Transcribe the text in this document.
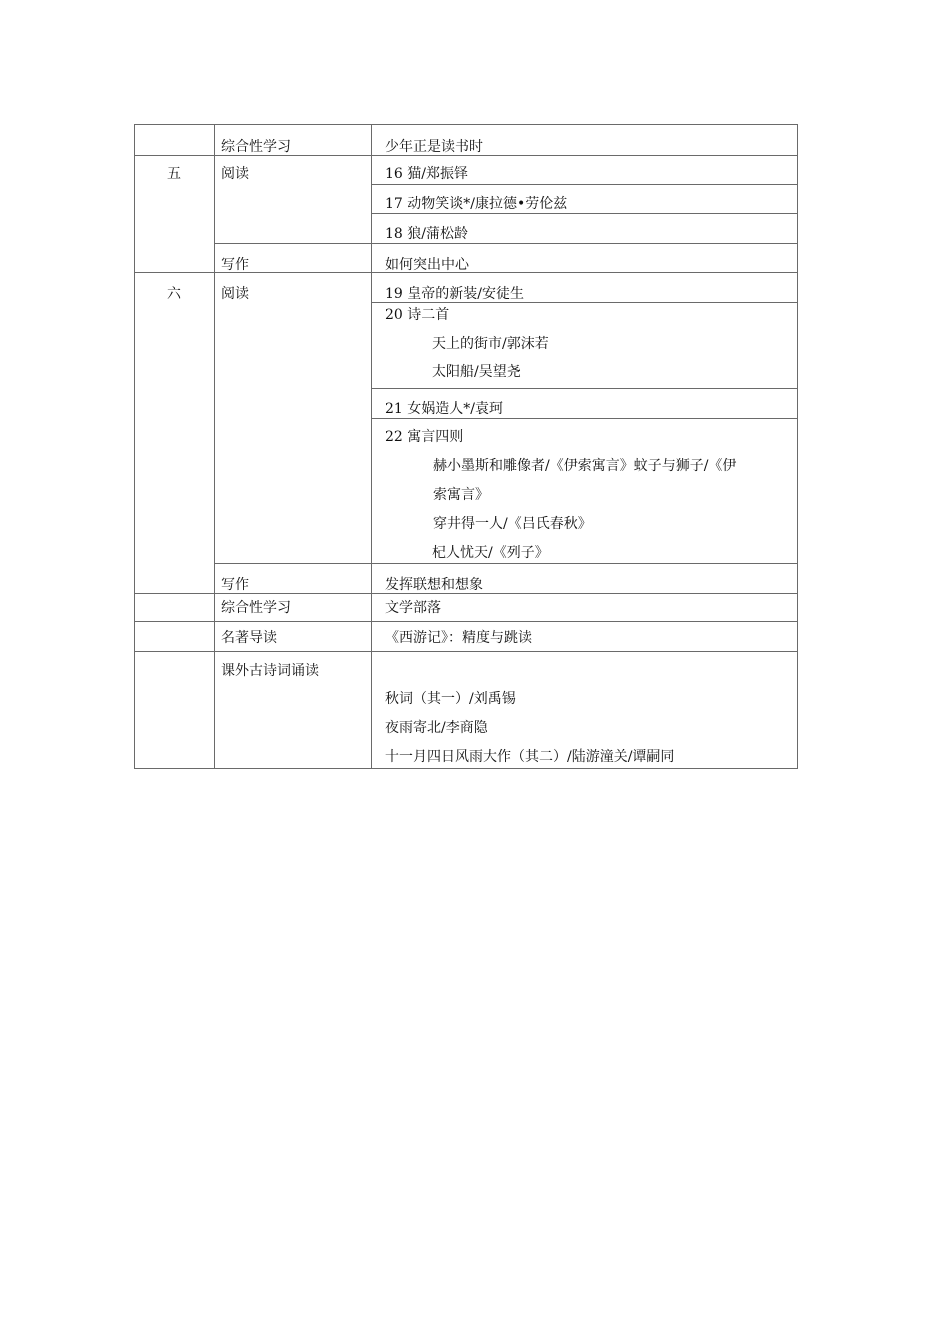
五
六
综合性学习
阅读
写作
阅读
写作
综合性学习
名著导读
课外古诗词诵读
少年正是读书时
16 猫/郑振铎
17 动物笑谈*/康拉德•劳伦兹
18 狼/蒲松龄
如何突出中心
19 皇帝的新装/安徒生
20 诗二首
天上的街市/郭沫若
太阳船/吴望尧
21 女娲造人*/袁珂
22 寓言四则
赫小墨斯和雕像者/《伊索寓言》蚊子与狮子/《伊
索寓言》
穿井得一人/《吕氏春秋》
杞人忧天/《列子》
发挥联想和想象
文学部落
《西游记》：精度与跳读
秋词（其一）/刘禹锡
夜雨寄北/李商隐
十一月四日风雨大作（其二）/陆游潼关/谭嗣同
